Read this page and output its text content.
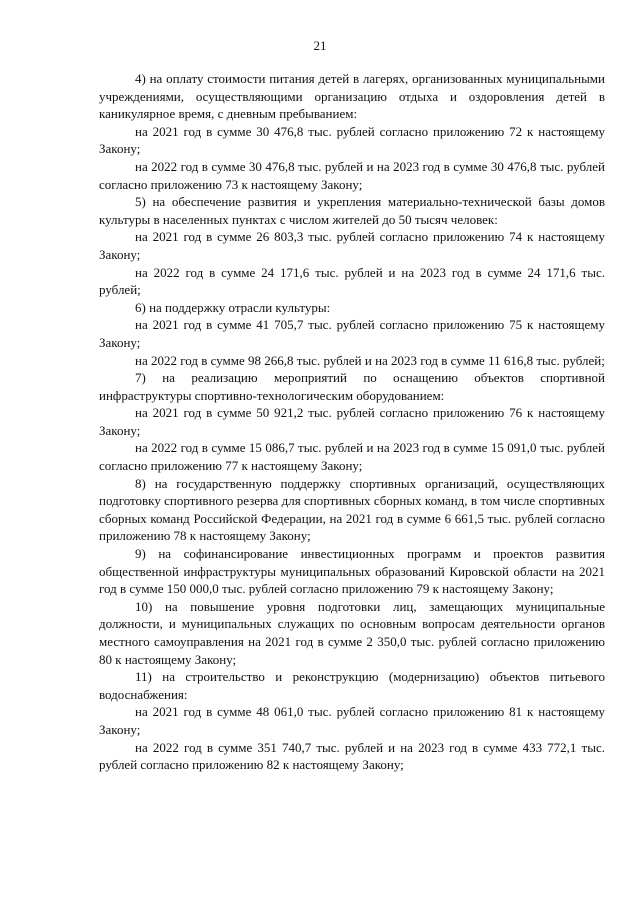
21

4) на оплату стоимости питания детей в лагерях, организованных муниципальными учреждениями, осуществляющими организацию отдыха и оздоровления детей в каникулярное время, с дневным пребыванием:

на 2021 год в сумме 30 476,8 тыс. рублей согласно приложению 72 к настоящему Закону;

на 2022 год в сумме 30 476,8 тыс. рублей и на 2023 год в сумме 30 476,8 тыс. рублей согласно приложению 73 к настоящему Закону;

5) на обеспечение развития и укрепления материально-технической базы домов культуры в населенных пунктах с числом жителей до 50 тысяч человек:

на 2021 год в сумме 26 803,3 тыс. рублей согласно приложению 74 к настоящему Закону;

на 2022 год в сумме 24 171,6 тыс. рублей и на 2023 год в сумме 24 171,6 тыс. рублей;

6) на поддержку отрасли культуры:

на 2021 год в сумме 41 705,7 тыс. рублей согласно приложению 75 к настоящему Закону;

на 2022 год в сумме 98 266,8 тыс. рублей и на 2023 год в сумме 11 616,8 тыс. рублей;

7) на реализацию мероприятий по оснащению объектов спортивной инфраструктуры спортивно-технологическим оборудованием:

на 2021 год в сумме 50 921,2 тыс. рублей согласно приложению 76 к настоящему Закону;

на 2022 год в сумме 15 086,7 тыс. рублей и на 2023 год в сумме 15 091,0 тыс. рублей согласно приложению 77 к настоящему Закону;

8) на государственную поддержку спортивных организаций, осуществляющих подготовку спортивного резерва для спортивных сборных команд, в том числе спортивных сборных команд Российской Федерации, на 2021 год в сумме 6 661,5 тыс. рублей согласно приложению 78 к настоящему Закону;

9) на софинансирование инвестиционных программ и проектов развития общественной инфраструктуры муниципальных образований Кировской области на 2021 год в сумме 150 000,0 тыс. рублей согласно приложению 79 к настоящему Закону;

10) на повышение уровня подготовки лиц, замещающих муниципальные должности, и муниципальных служащих по основным вопросам деятельности органов местного самоуправления на 2021 год в сумме 2 350,0 тыс. рублей согласно приложению 80 к настоящему Закону;

11) на строительство и реконструкцию (модернизацию) объектов питьевого водоснабжения:

на 2021 год в сумме 48 061,0 тыс. рублей согласно приложению 81 к настоящему Закону;

на 2022 год в сумме 351 740,7 тыс. рублей и на 2023 год в сумме 433 772,1 тыс. рублей согласно приложению 82 к настоящему Закону;
